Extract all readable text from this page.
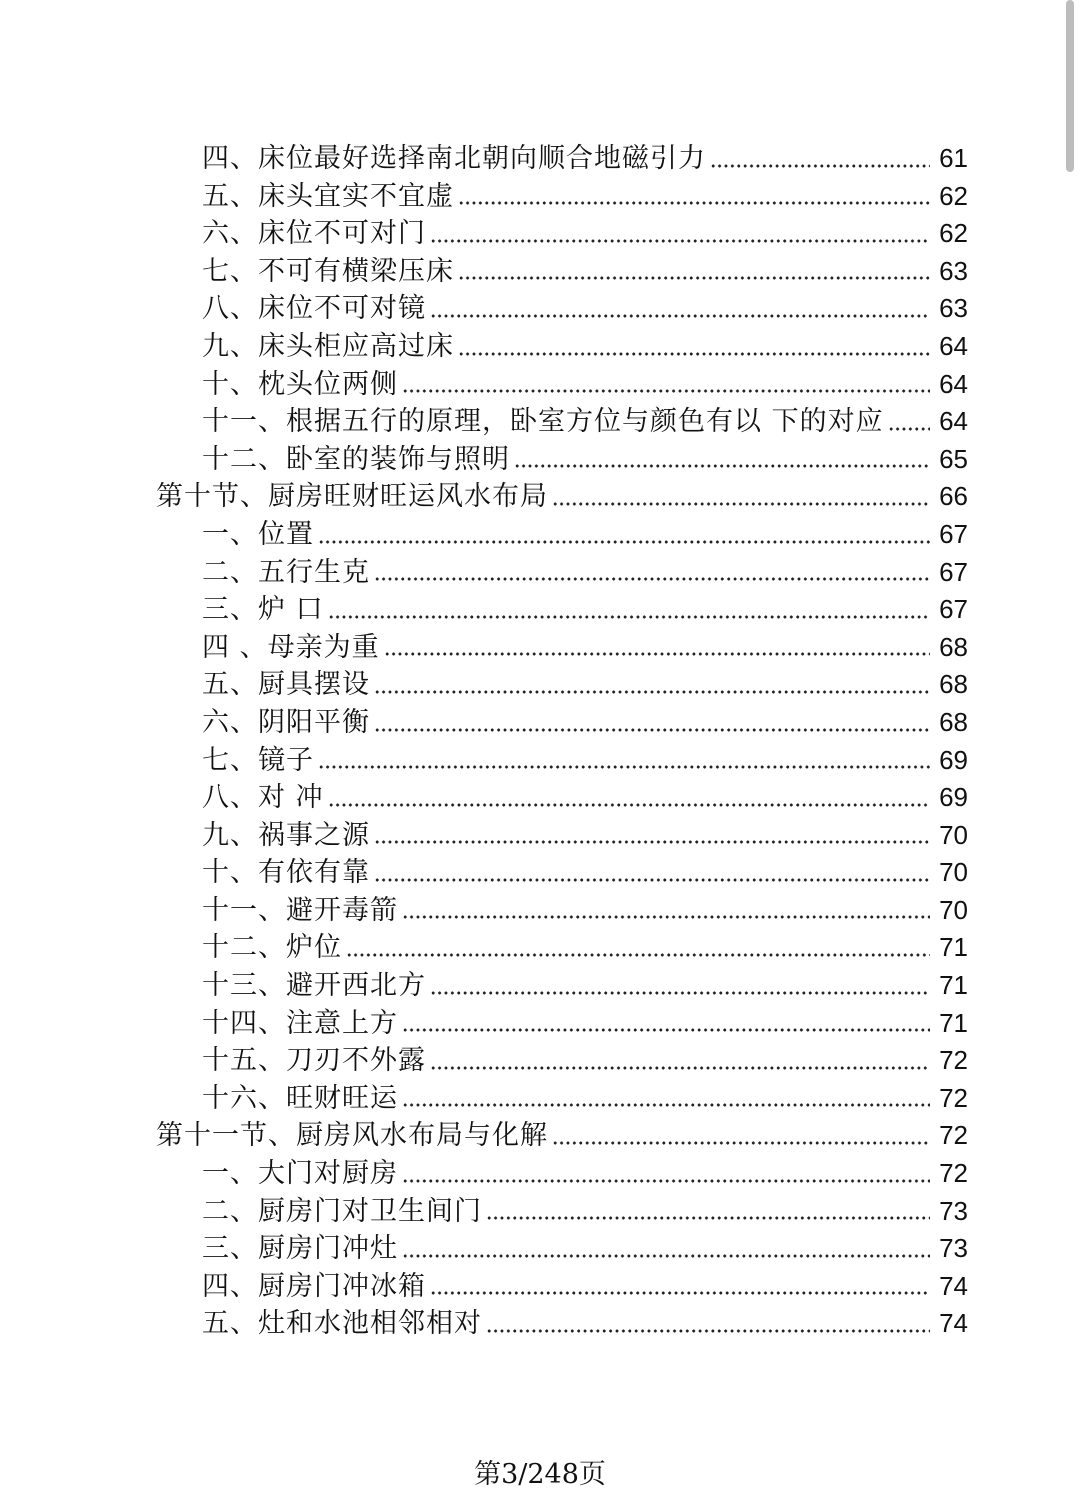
四、床位最好选择南北朝向顺合地磁引力	61
五、床头宜实不宜虚	62
六、床位不可对门	62
七、不可有横梁压床	63
八、床位不可对镜	63
九、床头柜应高过床	64
十、枕头位两侧	64
十一、根据五行的原理，卧室方位与颜色有以 下的对应 64
十二、卧室的装饰与照明	65
第十节、厨房旺财旺运风水布局	66
一、位置	67
二、五行生克	67
三、炉 口	67
四 、母亲为重	68
五、厨具摆设	68
六、阴阳平衡	68
七、镜子	69
八、对 冲	69
九、祸事之源	70
十、有依有靠	70
十一、避开毒箭	70
十二、炉位	71
十三、避开西北方	71
十四、注意上方	71
十五、刀刃不外露	72
十六、旺财旺运	72
第十一节、厨房风水布局与化解	72
一、大门对厨房	72
二、厨房门对卫生间门	73
三、厨房门冲灶	73
四、厨房门冲冰箱	74
五、灶和水池相邻相对	74
第3/248页
